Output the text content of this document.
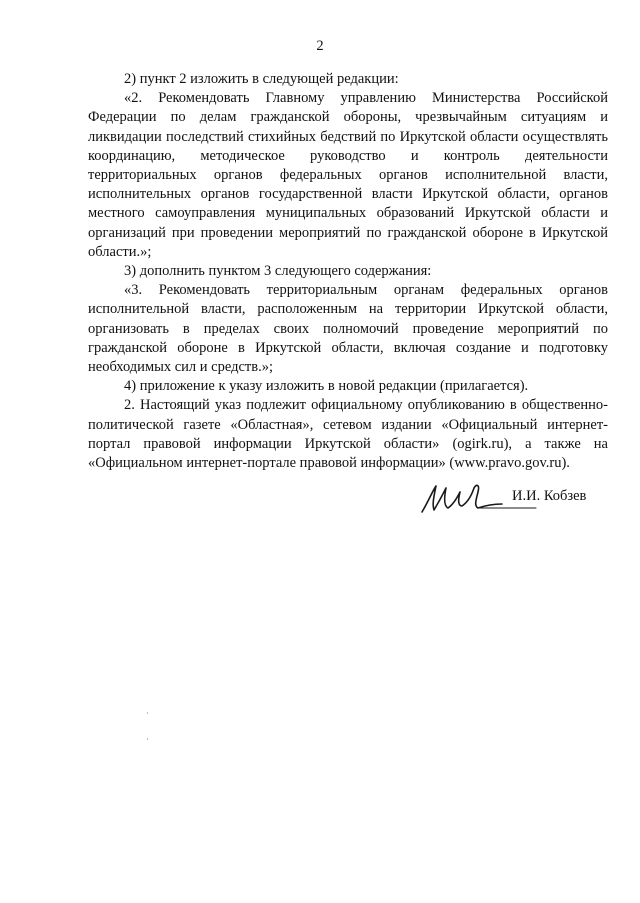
2

2) пункт 2 изложить в следующей редакции:

«2. Рекомендовать Главному управлению Министерства Российской Федерации по делам гражданской обороны, чрезвычайным ситуациям и ликвидации последствий стихийных бедствий по Иркутской области осуществлять координацию, методическое руководство и контроль деятельности территориальных органов федеральных органов исполнительной власти, исполнительных органов государственной власти Иркутской области, органов местного самоуправления муниципальных образований Иркутской области и организаций при проведении мероприятий по гражданской обороне в Иркутской области.»;

3) дополнить пунктом 3 следующего содержания:

«3. Рекомендовать территориальным органам федеральных органов исполнительной власти, расположенным на территории Иркутской области, организовать в пределах своих полномочий проведение мероприятий по гражданской обороне в Иркутской области, включая создание и подготовку необходимых сил и средств.»;

4) приложение к указу изложить в новой редакции (прилагается).

2. Настоящий указ подлежит официальному опубликованию в общественно-политической газете «Областная», сетевом издании «Официальный интернет-портал правовой информации Иркутской области» (ogirk.ru), а также на «Официальном интернет-портале правовой информации» (www.pravo.gov.ru).

И.И. Кобзев
